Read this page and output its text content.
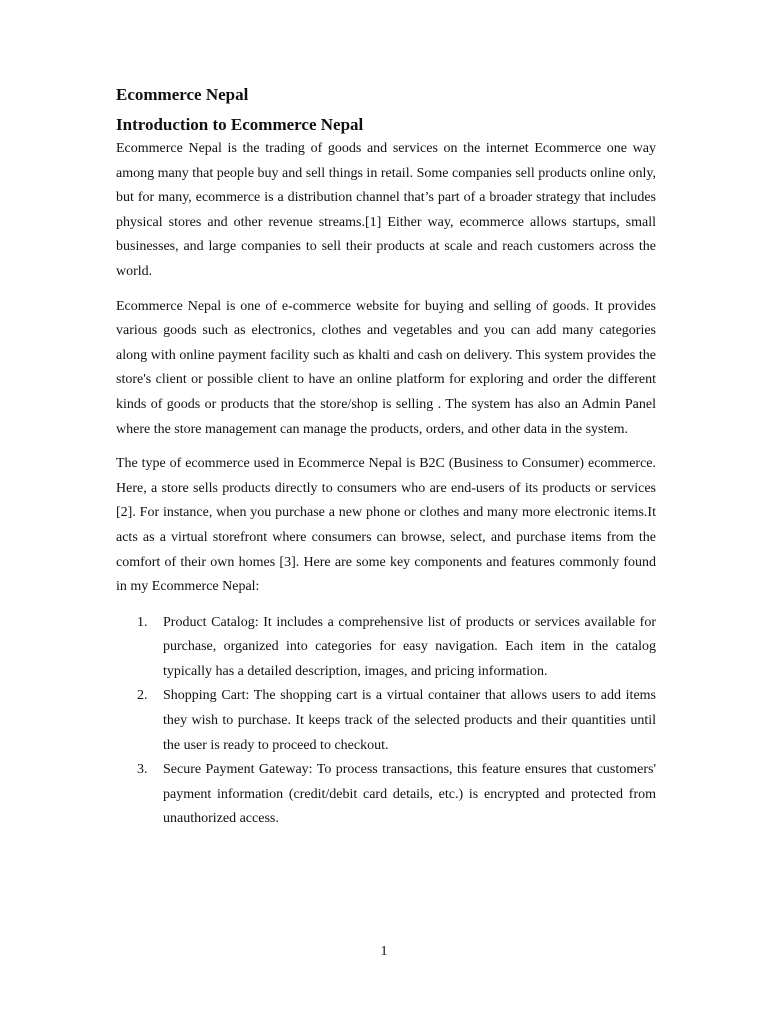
Ecommerce Nepal
Introduction to Ecommerce Nepal

Ecommerce Nepal is the trading of goods and services on the internet Ecommerce one way among many that people buy and sell things in retail. Some companies sell products online only, but for many, ecommerce is a distribution channel that’s part of a broader strategy that includes physical stores and other revenue streams.[1] Either way, ecommerce allows startups, small businesses, and large companies to sell their products at scale and reach customers across the world.

Ecommerce Nepal is one of e-commerce website for buying and selling of goods. It provides various goods such as electronics, clothes and vegetables and you can add many categories along with online payment facility such as khalti and cash on delivery. This system provides the store's client or possible client to have an online platform for exploring and order the different kinds of goods or products that the store/shop is selling . The system has also an Admin Panel where the store management can manage the products, orders, and other data in the system.

The type of ecommerce used in Ecommerce Nepal is B2C (Business to Consumer) ecommerce. Here, a store sells products directly to consumers who are end-users of its products or services [2]. For instance, when you purchase a new phone or clothes and many more electronic items.It acts as a virtual storefront where consumers can browse, select, and purchase items from the comfort of their own homes [3]. Here are some key components and features commonly found in my Ecommerce Nepal:

1. Product Catalog: It includes a comprehensive list of products or services available for purchase, organized into categories for easy navigation. Each item in the catalog typically has a detailed description, images, and pricing information.
2. Shopping Cart: The shopping cart is a virtual container that allows users to add items they wish to purchase. It keeps track of the selected products and their quantities until the user is ready to proceed to checkout.
3. Secure Payment Gateway: To process transactions, this feature ensures that customers' payment information (credit/debit card details, etc.) is encrypted and protected from unauthorized access.
1
